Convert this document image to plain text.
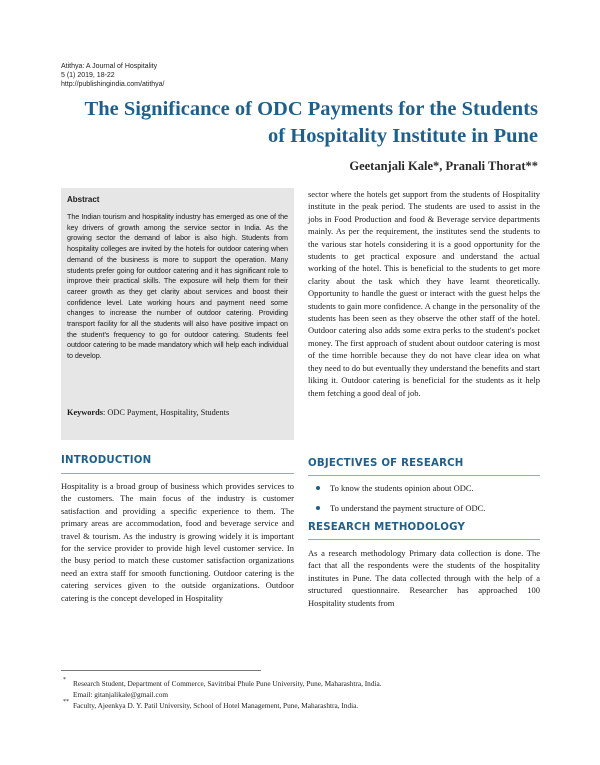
Atithya: A Journal of Hospitality
5 (1) 2019, 18-22
http://publishingindia.com/atithya/
The Significance of ODC Payments for the Students of Hospitality Institute in Pune
Geetanjali Kale*, Pranali Thorat**
Abstract
The Indian tourism and hospitality industry has emerged as one of the key drivers of growth among the service sector in India. As the growing sector the demand of labor is also high. Students from hospitality colleges are invited by the hotels for outdoor catering when demand of the business is more to support the operation. Many students prefer going for outdoor catering and it has significant role to improve their practical skills. The exposure will help them for their career growth as they get clarity about services and boost their confidence level. Late working hours and payment need some changes to increase the number of outdoor catering. Providing transport facility for all the students will also have positive impact on the student's frequency to go for outdoor catering. Students feel outdoor catering to be made mandatory which will help each individual to develop.
Keywords: ODC Payment, Hospitality, Students
INTRODUCTION
Hospitality is a broad group of business which provides services to the customers. The main focus of the industry is customer satisfaction and providing a specific experience to them. The primary areas are accommodation, food and beverage service and travel & tourism. As the industry is growing widely it is important for the service provider to provide high level customer service. In the busy period to match these customer satisfaction organizations need an extra staff for smooth functioning. Outdoor catering is the catering services given to the outside organizations. Outdoor catering is the concept developed in Hospitality
sector where the hotels get support from the students of Hospitality institute in the peak period. The students are used to assist in the jobs in Food Production and food & Beverage service departments mainly. As per the requirement, the institutes send the students to the various star hotels considering it is a good opportunity for the students to get practical exposure and understand the actual working of the hotel. This is beneficial to the students to get more clarity about the task which they have learnt theoretically. Opportunity to handle the guest or interact with the guest helps the students to gain more confidence. A change in the personality of the students has been seen as they observe the other staff of the hotel. Outdoor catering also adds some extra perks to the student's pocket money. The first approach of student about outdoor catering is most of the time horrible because they do not have clear idea on what they need to do but eventually they understand the benefits and start liking it. Outdoor catering is beneficial for the students as it help them fetching a good deal of job.
OBJECTIVES OF RESEARCH
To know the students opinion about ODC.
To understand the payment structure of ODC.
RESEARCH METHODOLOGY
As a research methodology Primary data collection is done. The fact that all the respondents were the students of the hospitality institutes in Pune. The data collected through with the help of a structured questionnaire. Researcher has approached 100 Hospitality students from
* Research Student, Department of Commerce, Savitribai Phule Pune University, Pune, Maharashtra, India.
Email: gitanjalikale@gmail.com
** Faculty, Ajeenkya D. Y. Patil University, School of Hotel Management, Pune, Maharashtra, India.
